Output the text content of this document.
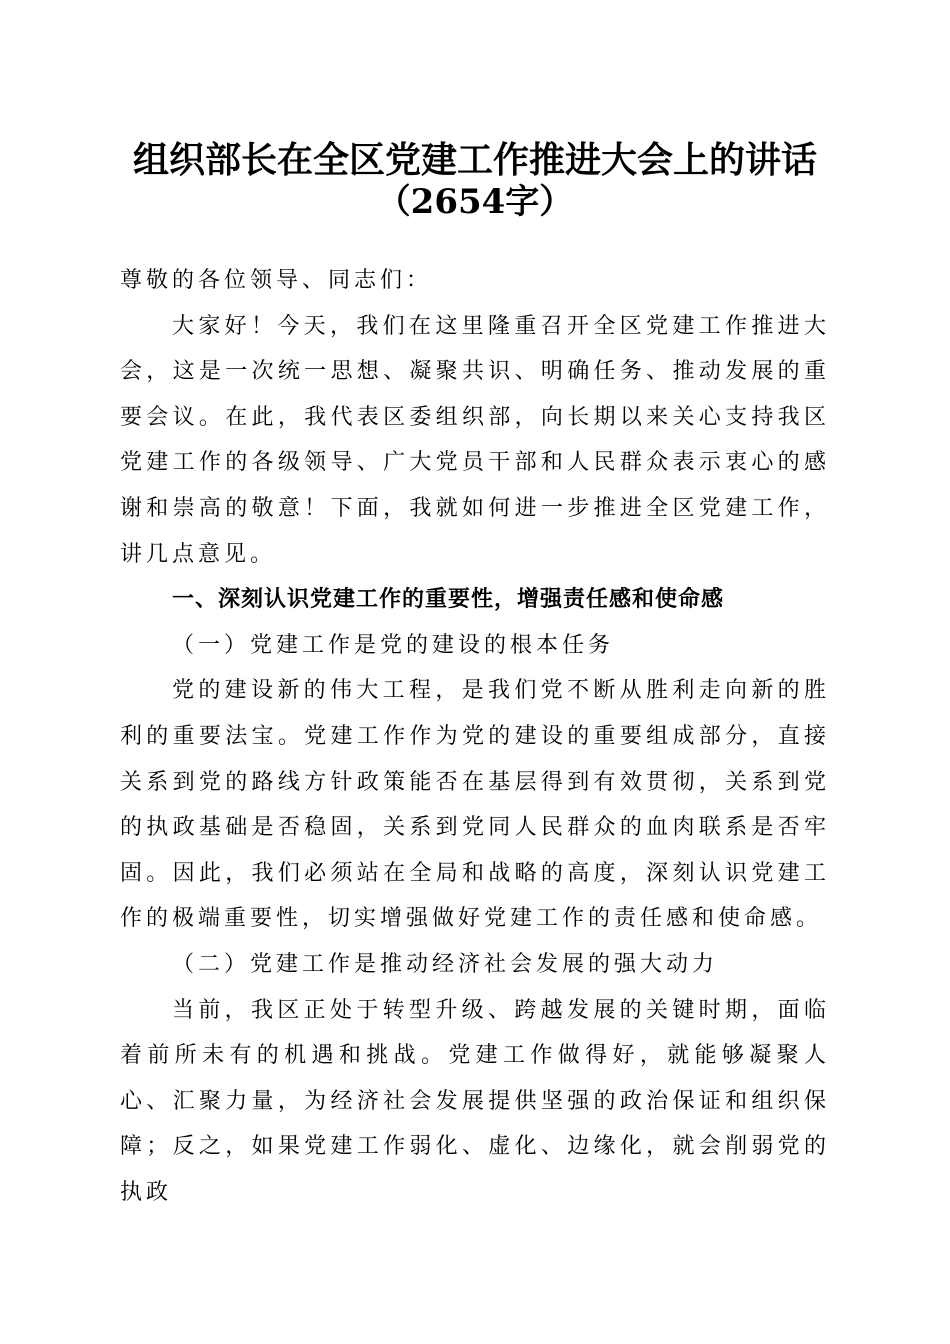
组织部长在全区党建工作推进大会上的讲话
（2654字）

尊敬的各位领导、同志们：

大家好！今天，我们在这里隆重召开全区党建工作推进大会，这是一次统一思想、凝聚共识、明确任务、推动发展的重要会议。在此，我代表区委组织部，向长期以来关心支持我区党建工作的各级领导、广大党员干部和人民群众表示衷心的感谢和崇高的敬意！下面，我就如何进一步推进全区党建工作，讲几点意见。

一、深刻认识党建工作的重要性，增强责任感和使命感

（一）党建工作是党的建设的根本任务

党的建设新的伟大工程，是我们党不断从胜利走向新的胜利的重要法宝。党建工作作为党的建设的重要组成部分，直接关系到党的路线方针政策能否在基层得到有效贯彻，关系到党的执政基础是否稳固，关系到党同人民群众的血肉联系是否牢固。因此，我们必须站在全局和战略的高度，深刻认识党建工作的极端重要性，切实增强做好党建工作的责任感和使命感。

（二）党建工作是推动经济社会发展的强大动力

当前，我区正处于转型升级、跨越发展的关键时期，面临着前所未有的机遇和挑战。党建工作做得好，就能够凝聚人心、汇聚力量，为经济社会发展提供坚强的政治保证和组织保障；反之，如果党建工作弱化、虚化、边缘化，就会削弱党的执政
